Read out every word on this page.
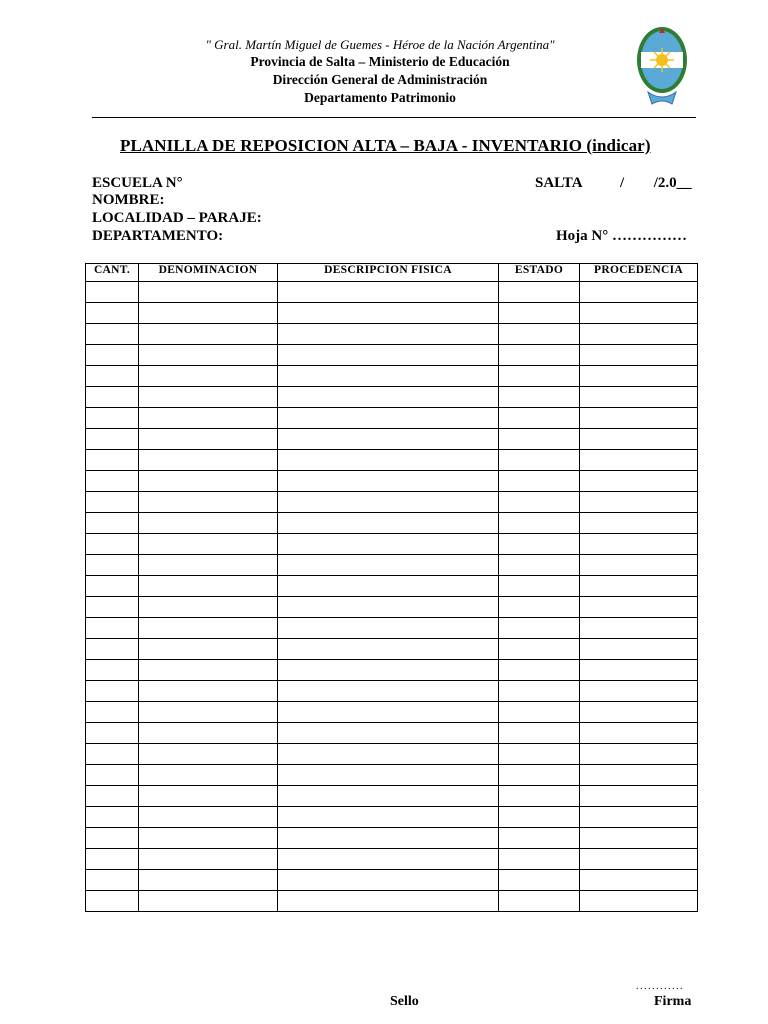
" Gral. Martín Miguel de Guemes - Héroe de la Nación Argentina"
Provincia de Salta – Ministerio de Educación
Dirección General de Administración
Departamento Patrimonio
PLANILLA DE REPOSICION ALTA – BAJA - INVENTARIO (indicar)
ESCUELA N°
NOMBRE:
LOCALIDAD – PARAJE:
DEPARTAMENTO:
SALTA	/ /2.0__
Hoja N° ……………
CANT.	DENOMINACION	DESCRIPCION FISICA	ESTADO	PROCEDENCIA

............
Sello	Firma
